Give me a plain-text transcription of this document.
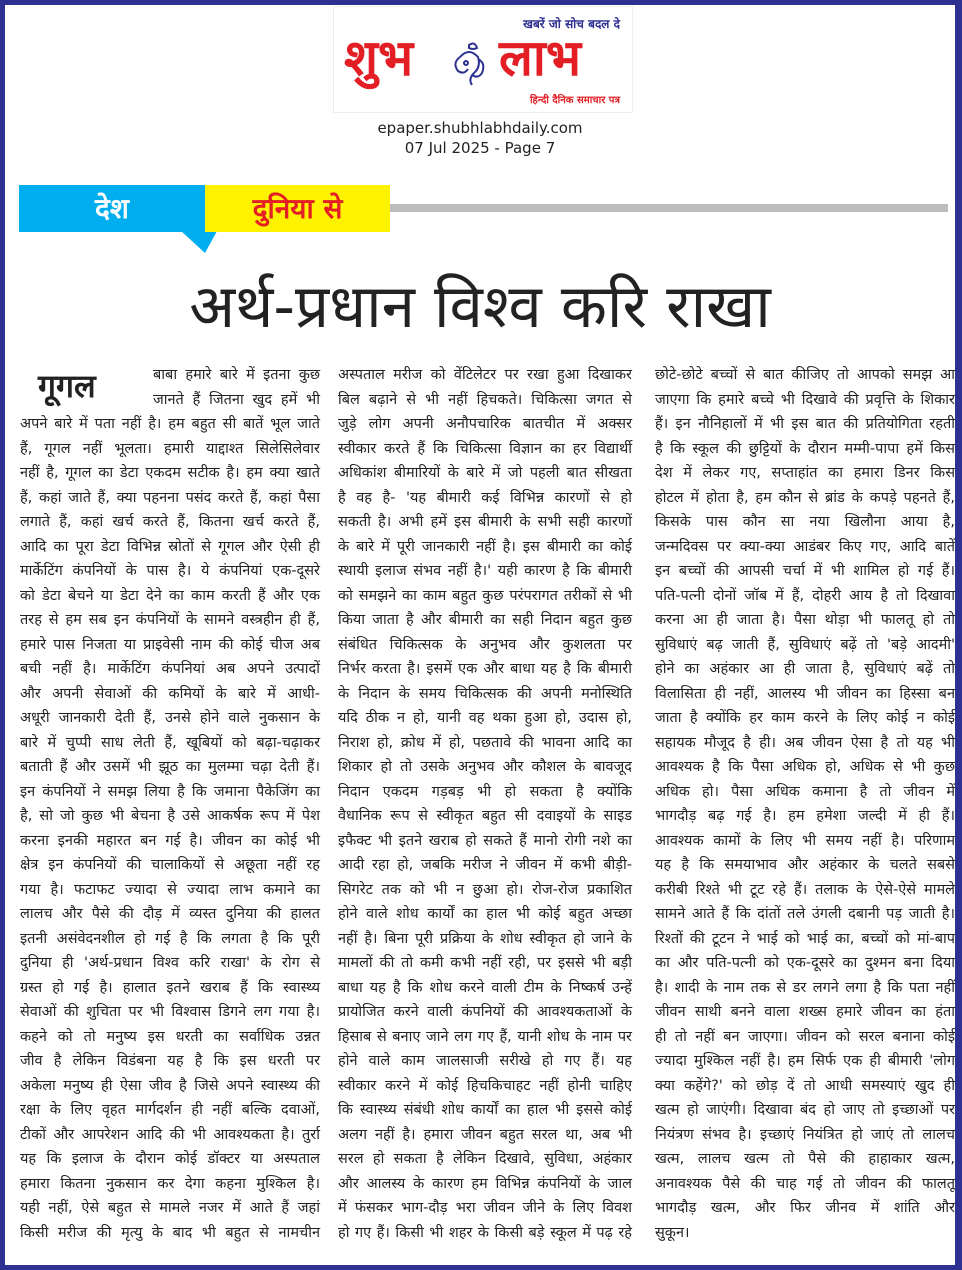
खबरें जो सोच बदल दे
शुभ लाभ
हिन्दी दैनिक समाचार पत्र
epaper.shubhlabhdaily.com
07 Jul 2025 - Page 7
देश	दुनिया से
अर्थ-प्रधान विश्व करि राखा
गूगल	बाबा हमारे बारे में इतना कुछ
जानते हैं जितना खुद हमें भी
अपने बारे में पता नहीं है। हम बहुत सी बातें भूल जाते
हैं, गूगल नहीं भूलता। हमारी याद्दाश्त सिलेसिलेवार
नहीं है, गूगल का डेटा एकदम सटीक है। हम क्या खाते
हैं, कहां जाते हैं, क्या पहनना पसंद करते हैं, कहां पैसा
लगाते हैं, कहां खर्च करते हैं, कितना खर्च करते हैं,
आदि का पूरा डेटा विभिन्न स्रोतों से गूगल और ऐसी ही
मार्केटिंग कंपनियों के पास है। ये कंपनियां एक-दूसरे
को डेटा बेचने या डेटा देने का काम करती हैं और एक
तरह से हम सब इन कंपनियों के सामने वस्त्रहीन ही हैं,
हमारे पास निजता या प्राइवेसी नाम की कोई चीज अब
बची नहीं है। मार्केटिंग कंपनियां अब अपने उत्पादों
और अपनी सेवाओं की कमियों के बारे में आधी-
अधूरी जानकारी देती हैं, उनसे होने वाले नुकसान के
बारे में चुप्पी साध लेती हैं, खूबियों को बढ़ा-चढ़ाकर
बताती हैं और उसमें भी झूठ का मुलम्मा चढ़ा देती हैं।
इन कंपनियों ने समझ लिया है कि जमाना पैकेजिंग का
है, सो जो कुछ भी बेचना है उसे आकर्षक रूप में पेश
करना इनकी महारत बन गई है। जीवन का कोई भी
क्षेत्र इन कंपनियों की चालाकियों से अछूता नहीं रह
गया है। फटाफट ज्यादा से ज्यादा लाभ कमाने का
लालच और पैसे की दौड़ में व्यस्त दुनिया की हालत
इतनी असंवेदनशील हो गई है कि लगता है कि पूरी
दुनिया ही 'अर्थ-प्रधान विश्व करि राखा' के रोग से
ग्रस्त हो गई है। हालात इतने खराब हैं कि स्वास्थ्य
सेवाओं की शुचिता पर भी विश्वास डिगने लग गया है।
कहने को तो मनुष्य इस धरती का सर्वाधिक उन्नत
जीव है लेकिन विडंबना यह है कि इस धरती पर
अकेला मनुष्य ही ऐसा जीव है जिसे अपने स्वास्थ्य की
रक्षा के लिए वृहत मार्गदर्शन ही नहीं बल्कि दवाओं,
टीकों और आपरेशन आदि की भी आवश्यकता है। तुर्रा
यह कि इलाज के दौरान कोई डॉक्टर या अस्पताल
हमारा कितना नुकसान कर देगा कहना मुश्किल है।
यही नहीं, ऐसे बहुत से मामले नजर में आते हैं जहां
किसी मरीज की मृत्यु के बाद भी बहुत से नामचीन
अस्पताल मरीज को वेंटिलेटर पर रखा हुआ दिखाकर
बिल बढ़ाने से भी नहीं हिचकते। चिकित्सा जगत से
जुड़े लोग अपनी अनौपचारिक बातचीत में अक्सर
स्वीकार करते हैं कि चिकित्सा विज्ञान का हर विद्यार्थी
अधिकांश बीमारियों के बारे में जो पहली बात सीखता
है वह है- 'यह बीमारी कई विभिन्न कारणों से हो
सकती है। अभी हमें इस बीमारी के सभी सही कारणों
के बारे में पूरी जानकारी नहीं है। इस बीमारी का कोई
स्थायी इलाज संभव नहीं है।' यही कारण है कि बीमारी
को समझने का काम बहुत कुछ परंपरागत तरीकों से भी
किया जाता है और बीमारी का सही निदान बहुत कुछ
संबंधित चिकित्सक के अनुभव और कुशलता पर
निर्भर करता है। इसमें एक और बाधा यह है कि बीमारी
के निदान के समय चिकित्सक की अपनी मनोस्थिति
यदि ठीक न हो, यानी वह थका हुआ हो, उदास हो,
निराश हो, क्रोध में हो, पछतावे की भावना आदि का
शिकार हो तो उसके अनुभव और कौशल के बावजूद
निदान एकदम गड़बड़ भी हो सकता है क्योंकि
वैधानिक रूप से स्वीकृत बहुत सी दवाइयों के साइड
इफैक्ट भी इतने खराब हो सकते हैं मानो रोगी नशे का
आदी रहा हो, जबकि मरीज ने जीवन में कभी बीड़ी-
सिगरेट तक को भी न छुआ हो। रोज-रोज प्रकाशित
होने वाले शोध कार्यों का हाल भी कोई बहुत अच्छा
नहीं है। बिना पूरी प्रक्रिया के शोध स्वीकृत हो जाने के
मामलों की तो कमी कभी नहीं रही, पर इससे भी बड़ी
बाधा यह है कि शोध करने वाली टीम के निष्कर्ष उन्हें
प्रायोजित करने वाली कंपनियों की आवश्यकताओं के
हिसाब से बनाए जाने लग गए हैं, यानी शोध के नाम पर
होने वाले काम जालसाजी सरीखे हो गए हैं। यह
स्वीकार करने में कोई हिचकिचाहट नहीं होनी चाहिए
कि स्वास्थ्य संबंधी शोध कार्यों का हाल भी इससे कोई
अलग नहीं है। हमारा जीवन बहुत सरल था, अब भी
सरल हो सकता है लेकिन दिखावे, सुविधा, अहंकार
और आलस्य के कारण हम विभिन्न कंपनियों के जाल
में फंसकर भाग-दौड़ भरा जीवन जीने के लिए विवश
हो गए हैं। किसी भी शहर के किसी बड़े स्कूल में पढ़ रहे
छोटे-छोटे बच्चों से बात कीजिए तो आपको समझ आ
जाएगा कि हमारे बच्चे भी दिखावे की प्रवृत्ति के शिकार
हैं। इन नौनिहालों में भी इस बात की प्रतियोगिता रहती
है कि स्कूल की छुट्टियों के दौरान मम्मी-पापा हमें किस
देश में लेकर गए, सप्ताहांत का हमारा डिनर किस
होटल में होता है, हम कौन से ब्रांड के कपड़े पहनते हैं,
किसके पास कौन सा नया खिलौना आया है,
जन्मदिवस पर क्या-क्या आडंबर किए गए, आदि बातें
इन बच्चों की आपसी चर्चा में भी शामिल हो गई हैं।
पति-पत्नी दोनों जॉब में हैं, दोहरी आय है तो दिखावा
करना आ ही जाता है। पैसा थोड़ा भी फालतू हो तो
सुविधाएं बढ़ जाती हैं, सुविधाएं बढ़ें तो 'बड़े आदमी'
होने का अहंकार आ ही जाता है, सुविधाएं बढ़ें तो
विलासिता ही नहीं, आलस्य भी जीवन का हिस्सा बन
जाता है क्योंकि हर काम करने के लिए कोई न कोई
सहायक मौजूद है ही। अब जीवन ऐसा है तो यह भी
आवश्यक है कि पैसा अधिक हो, अधिक से भी कुछ
अधिक हो। पैसा अधिक कमाना है तो जीवन में
भागदौड़ बढ़ गई है। हम हमेशा जल्दी में ही हैं।
आवश्यक कामों के लिए भी समय नहीं है। परिणाम
यह है कि समयाभाव और अहंकार के चलते सबसे
करीबी रिश्ते भी टूट रहे हैं। तलाक के ऐसे-ऐसे मामले
सामने आते हैं कि दांतों तले उंगली दबानी पड़ जाती है।
रिश्तों की टूटन ने भाई को भाई का, बच्चों को मां-बाप
का और पति-पत्नी को एक-दूसरे का दुश्मन बना दिया
है। शादी के नाम तक से डर लगने लगा है कि पता नहीं
जीवन साथी बनने वाला शख्स हमारे जीवन का हंता
ही तो नहीं बन जाएगा। जीवन को सरल बनाना कोई
ज्यादा मुश्किल नहीं है। हम सिर्फ एक ही बीमारी 'लोग
क्या कहेंगे?' को छोड़ दें तो आधी समस्याएं खुद ही
खत्म हो जाएंगी। दिखावा बंद हो जाए तो इच्छाओं पर
नियंत्रण संभव है। इच्छाएं नियंत्रित हो जाएं तो लालच
खत्म, लालच खत्म तो पैसे की हाहाकार खत्म,
अनावश्यक पैसे की चाह गई तो जीवन की फालतू
भागदौड़ खत्म, और फिर जीनव में शांति और
सुकून।
